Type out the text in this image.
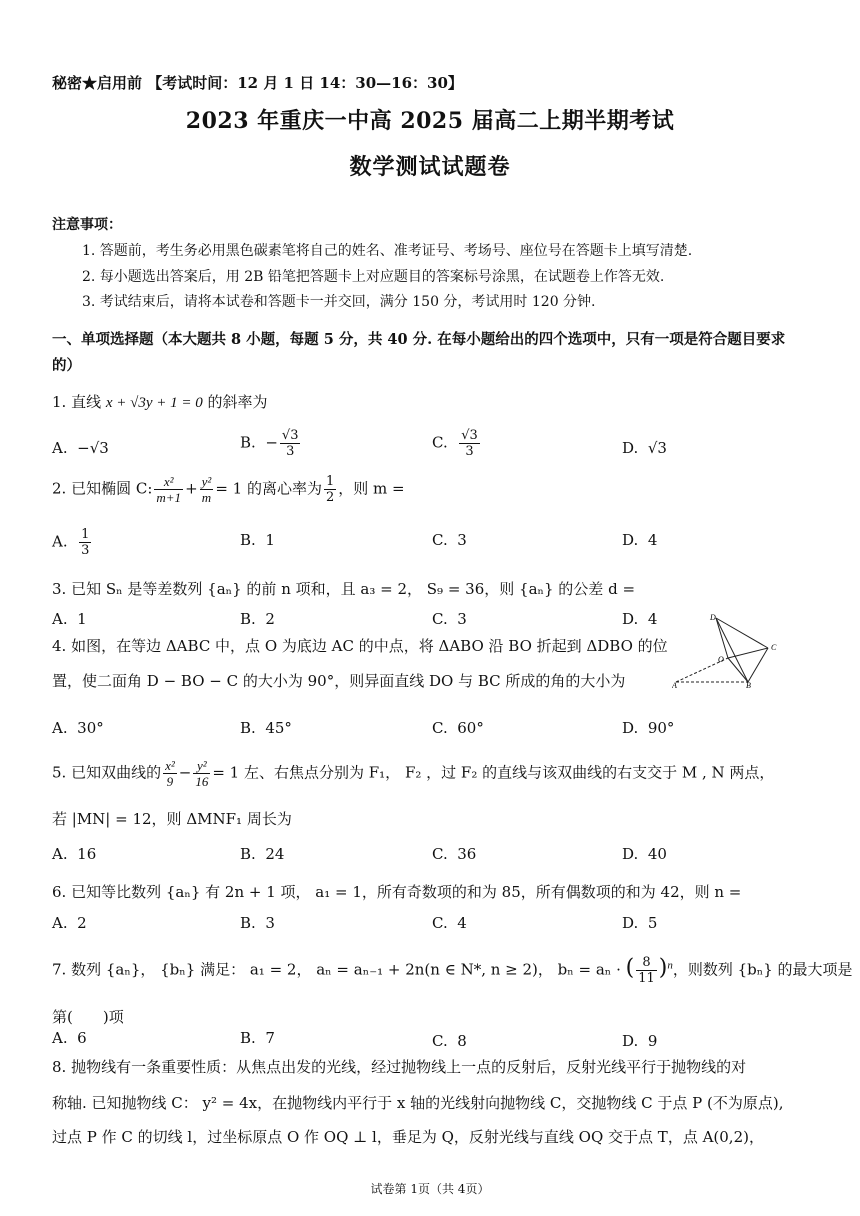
秘密★启用前 【考试时间：12 月 1 日 14：30—16：30】
2023 年重庆一中高 2025 届高二上期半期考试
数学测试试题卷
注意事项：
1. 答题前，考生务必用黑色碳素笔将自己的姓名、准考证号、考场号、座位号在答题卡上填写清楚.
2. 每小题选出答案后，用 2B 铅笔把答题卡上对应题目的答案标号涂黑，在试题卷上作答无效.
3. 考试结束后，请将本试卷和答题卡一并交回，满分 150 分，考试用时 120 分钟.
一、单项选择题（本大题共 8 小题，每题 5 分，共 40 分. 在每小题给出的四个选项中，只有一项是符合题目要求的）
1. 直线 x + √3y + 1 = 0 的斜率为
A. −√3	B. − $\frac{√3}{3}$	C. $\frac{√3}{3}$	D. √3
2. 已知椭圆 C: $\frac{\text{x²}}{m+1} + \frac{\text{y²}}{m} = 1$ 的离心率为 $\frac{1}{2}$ ，则 m =
A. $\frac{1}{3}$	B. 1	C. 3	D. 4
3. 已知 Sₙ 是等差数列 {aₙ} 的前 n 项和，且 a₃ = 2， S₉ = 36，则 {aₙ} 的公差 d =
A. 1	B. 2	C. 3	D. 4
4. 如图，在等边 ΔABC 中，点 O 为底边 AC 的中点，将 ΔABO 沿 BO 折起到 ΔDBO 的位
置，使二面角 D − BO − C 的大小为 90°，则异面直线 DO 与 BC 所成的角的大小为
D
C
O
A	B
A. 30°	B. 45°	C. 60°	D. 90°
5. 已知双曲线的 $\frac{\text{x²}}{9} - \frac{\text{y²}}{16} = 1$ 左、右焦点分别为 F₁， F₂ ，过 F₂ 的直线与该双曲线的右支交于 M , N 两点，
若 |MN| = 12，则 ΔMNF₁ 周长为
A. 16	B. 24	C. 36	D. 40
6. 已知等比数列 {aₙ} 有 2n + 1 项， a₁ = 1，所有奇数项的和为 85，所有偶数项的和为 42，则 n =
A. 2	B. 3	C. 4	D. 5
7. 数列 {aₙ}， {bₙ} 满足： a₁ = 2， aₙ = aₙ₋₁ + 2n(n ∈ N*, n ≥ 2)， bₙ = aₙ · ( $\frac{8}{11} )^n$，则数列 {bₙ} 的最大项是
第(　　)项
A. 6	B. 7	C. 8	D. 9
8. 抛物线有一条重要性质：从焦点出发的光线，经过抛物线上一点的反射后，反射光线平行于抛物线的对
称轴. 已知抛物线 C： y² = 4x，在抛物线内平行于 x 轴的光线射向抛物线 C，交抛物线 C 于点 P (不为原点),
过点 P 作 C 的切线 l，过坐标原点 O 作 OQ ⊥ l，垂足为 Q，反射光线与直线 OQ 交于点 T，点 A(0,2)，
试卷第 1页（共 4页）
